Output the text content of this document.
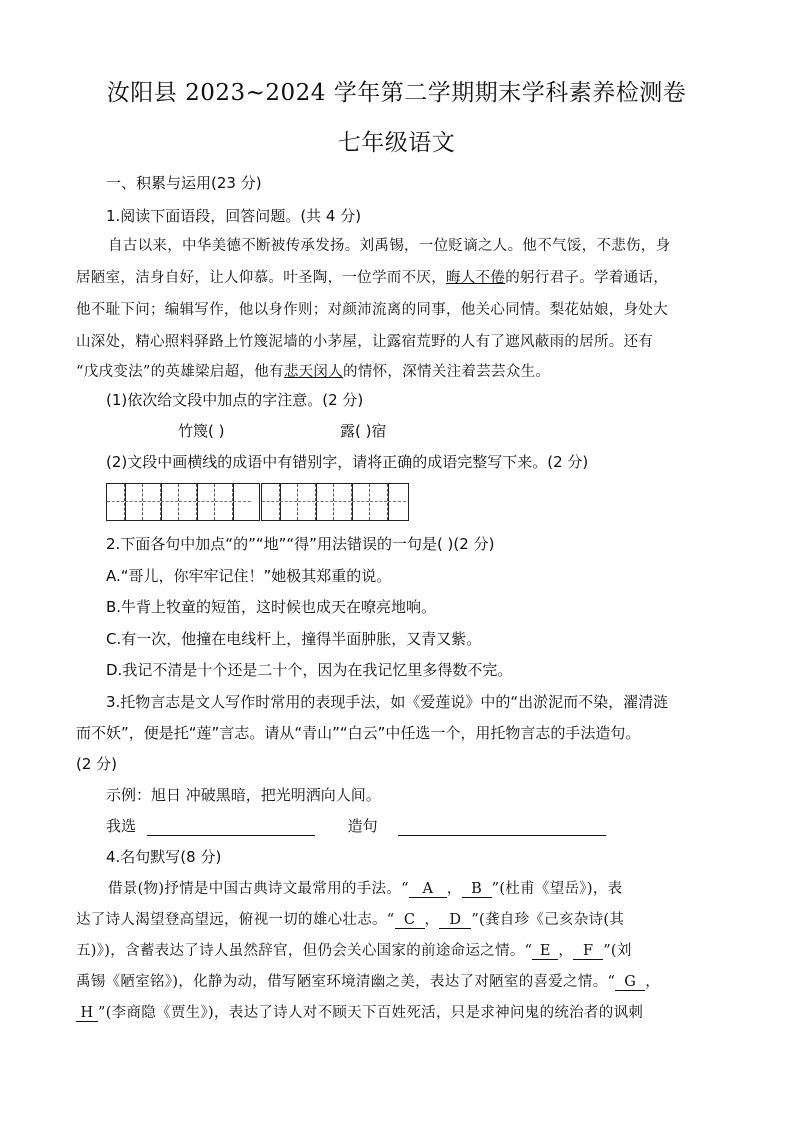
汝阳县 2023~2024 学年第二学期期末学科素养检测卷
七年级语文
一、积累与运用(23 分)
1.阅读下面语段，回答问题。(共 4 分)
自古以来，中华美德不断被传承发扬。刘禹锡，一位贬谪之人。他不气馁，不悲伤，身
居陋室，洁身自好，让人仰慕。叶圣陶，一位学而不厌，晦人不倦的躬行君子。学着通话，
他不耻下问；编辑写作，他以身作则；对颜沛流离的同事，他关心同情。梨花姑娘，身处大
山深处，精心照料驿路上竹篾泥墙的小茅屋，让露宿荒野的人有了遮风蔽雨的居所。还有
“戊戌变法”的英雄梁启超，他有悲天闵人的情怀，深情关注着芸芸众生。
(1)依次给文段中加点的字注意。(2 分)
竹篾( )	露( )宿
(2)文段中画横线的成语中有错别字，请将正确的成语完整写下来。(2 分)
2.下面各句中加点“的”“地”“得”用法错误的一句是( )(2 分)
A.“哥儿，你牢牢记住！”她极其郑重的说。
B.牛背上牧童的短笛，这时候也成天在嘹亮地响。
C.有一次，他撞在电线杆上，撞得半面肿胀，又青又紫。
D.我记不清是十个还是二十个，因为在我记忆里多得数不完。
3.托物言志是文人写作时常用的表现手法，如《爱莲说》中的“出淤泥而不染，濯清涟
而不妖”，便是托“莲”言志。请从“青山”“白云”中任选一个，用托物言志的手法造句。
(2 分)
示例：旭日 冲破黑暗，把光明洒向人间。
我选	造句
4.名句默写(8 分)
借景(物)抒情是中国古典诗文最常用的手法。“ A ， B ”(杜甫《望岳》)，表
达了诗人渴望登高望远，俯视一切的雄心壮志。“ C ， D ”(龚自珍《己亥杂诗(其
五)》)，含蓄表达了诗人虽然辞官，但仍会关心国家的前途命运之情。“ E ， F ”(刘
禹锡《陋室铭》)，化静为动，借写陋室环境清幽之美，表达了对陋室的喜爱之情。“ G ，
H ”(李商隐《贾生》)，表达了诗人对不顾天下百姓死活，只是求神问鬼的统治者的讽刺
